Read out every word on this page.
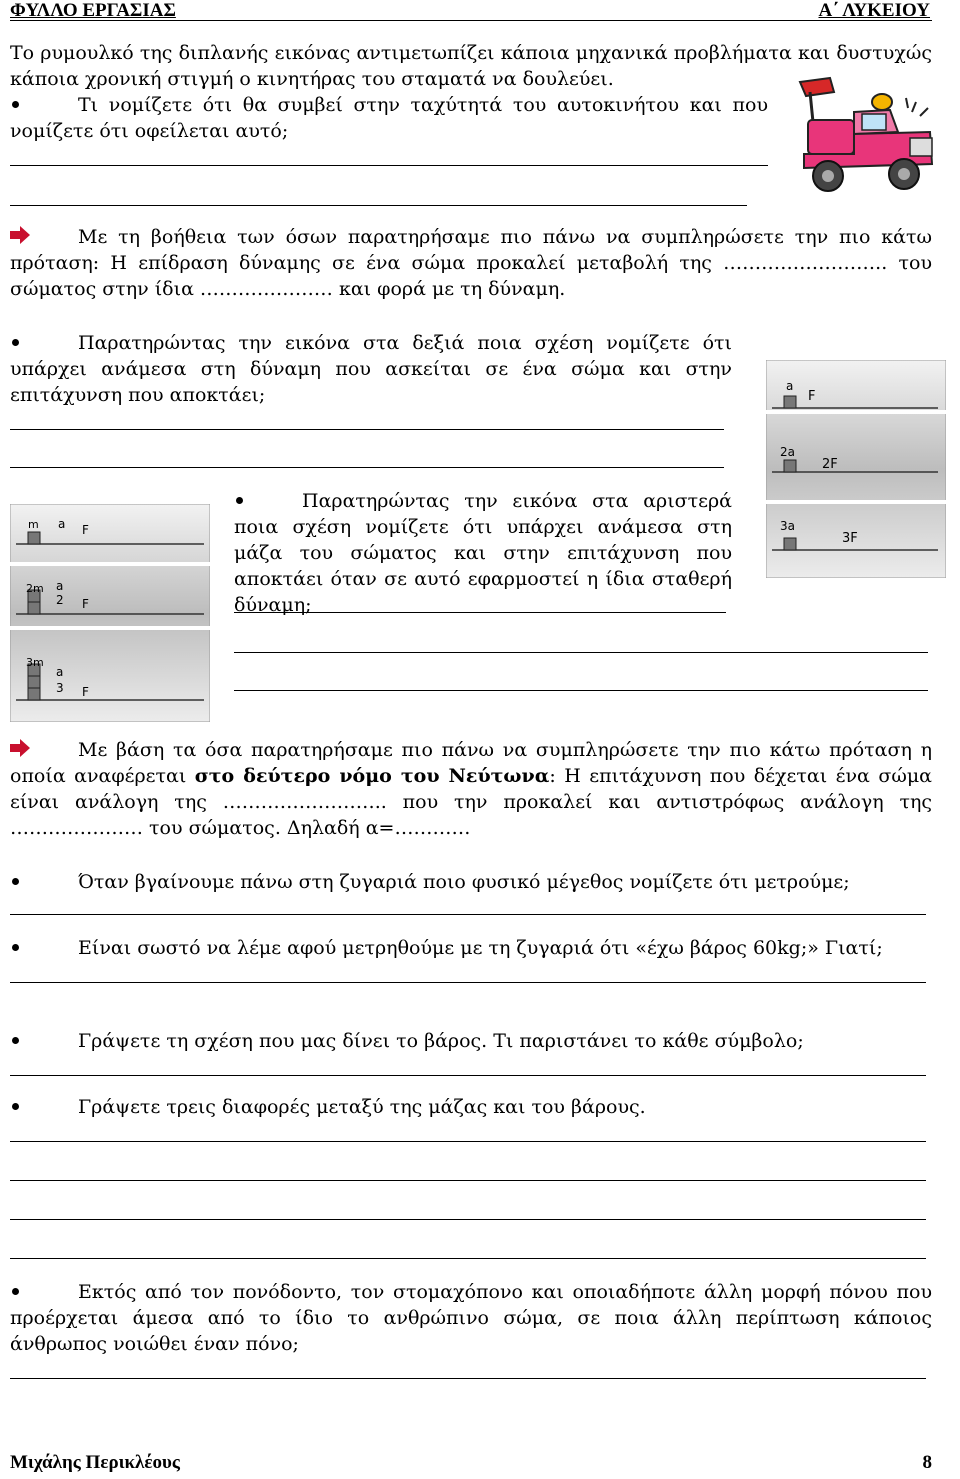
ΦΥΛΛΟ ΕΡΓΑΣΙΑΣ	Α΄ ΛΥΚΕΙΟΥ
Το ρυμουλκό της διπλανής εικόνας αντιμετωπίζει κάποια μηχανικά προβλήματα και δυστυχώς κάποια χρονική στιγμή ο κινητήρας του σταματά να δουλεύει.
Τι νομίζετε ότι θα συμβεί στην ταχύτητά του αυτοκινήτου και που νομίζετε ότι οφείλεται αυτό;
Με τη βοήθεια των όσων παρατηρήσαμε πιο πάνω να συμπληρώσετε την πιο κάτω πρόταση: Η επίδραση δύναμης σε ένα σώμα προκαλεί μεταβολή της …………………….. του σώματος στην ίδια ………………… και φορά με τη δύναμη.
Παρατηρώντας την εικόνα στα δεξιά ποια σχέση νομίζετε ότι υπάρχει ανάμεσα στη δύναμη που ασκείται σε ένα σώμα και στην επιτάχυνση που αποκτάει;	a
F
2a
2F
3a
3F
m a F
2m a
2 F
3m
a
3 F
Παρατηρώντας την εικόνα στα αριστερά ποια σχέση νομίζετε ότι υπάρχει ανάμεσα στη μάζα του σώματος και στην επιτάχυνση που αποκτάει όταν σε αυτό εφαρμοστεί η ίδια σταθερή δύναμη;
Με βάση τα όσα παρατηρήσαμε πιο πάνω να συμπληρώσετε την πιο κάτω πρόταση η οποία αναφέρεται στο δεύτερο νόμο του Νεύτωνα: Η επιτάχυνση που δέχεται ένα σώμα είναι ανάλογη της …………………….. που την προκαλεί και αντιστρόφως ανάλογη της ………………… του σώματος. Δηλαδή α=…………
Όταν βγαίνουμε πάνω στη ζυγαριά ποιο φυσικό μέγεθος νομίζετε ότι μετρούμε;
Είναι σωστό να λέμε αφού μετρηθούμε με τη ζυγαριά ότι «έχω βάρος 60kg;» Γιατί;
Γράψετε τη σχέση που μας δίνει το βάρος. Τι παριστάνει το κάθε σύμβολο;
Γράψετε τρεις διαφορές μεταξύ της μάζας και του βάρους.
Εκτός από τον πονόδοντο, τον στομαχόπονο και οποιαδήποτε άλλη μορφή πόνου που προέρχεται άμεσα από το ίδιο το ανθρώπινο σώμα, σε ποια άλλη περίπτωση κάποιος άνθρωπος νοιώθει έναν πόνο;
Μιχάλης Περικλέους	8
